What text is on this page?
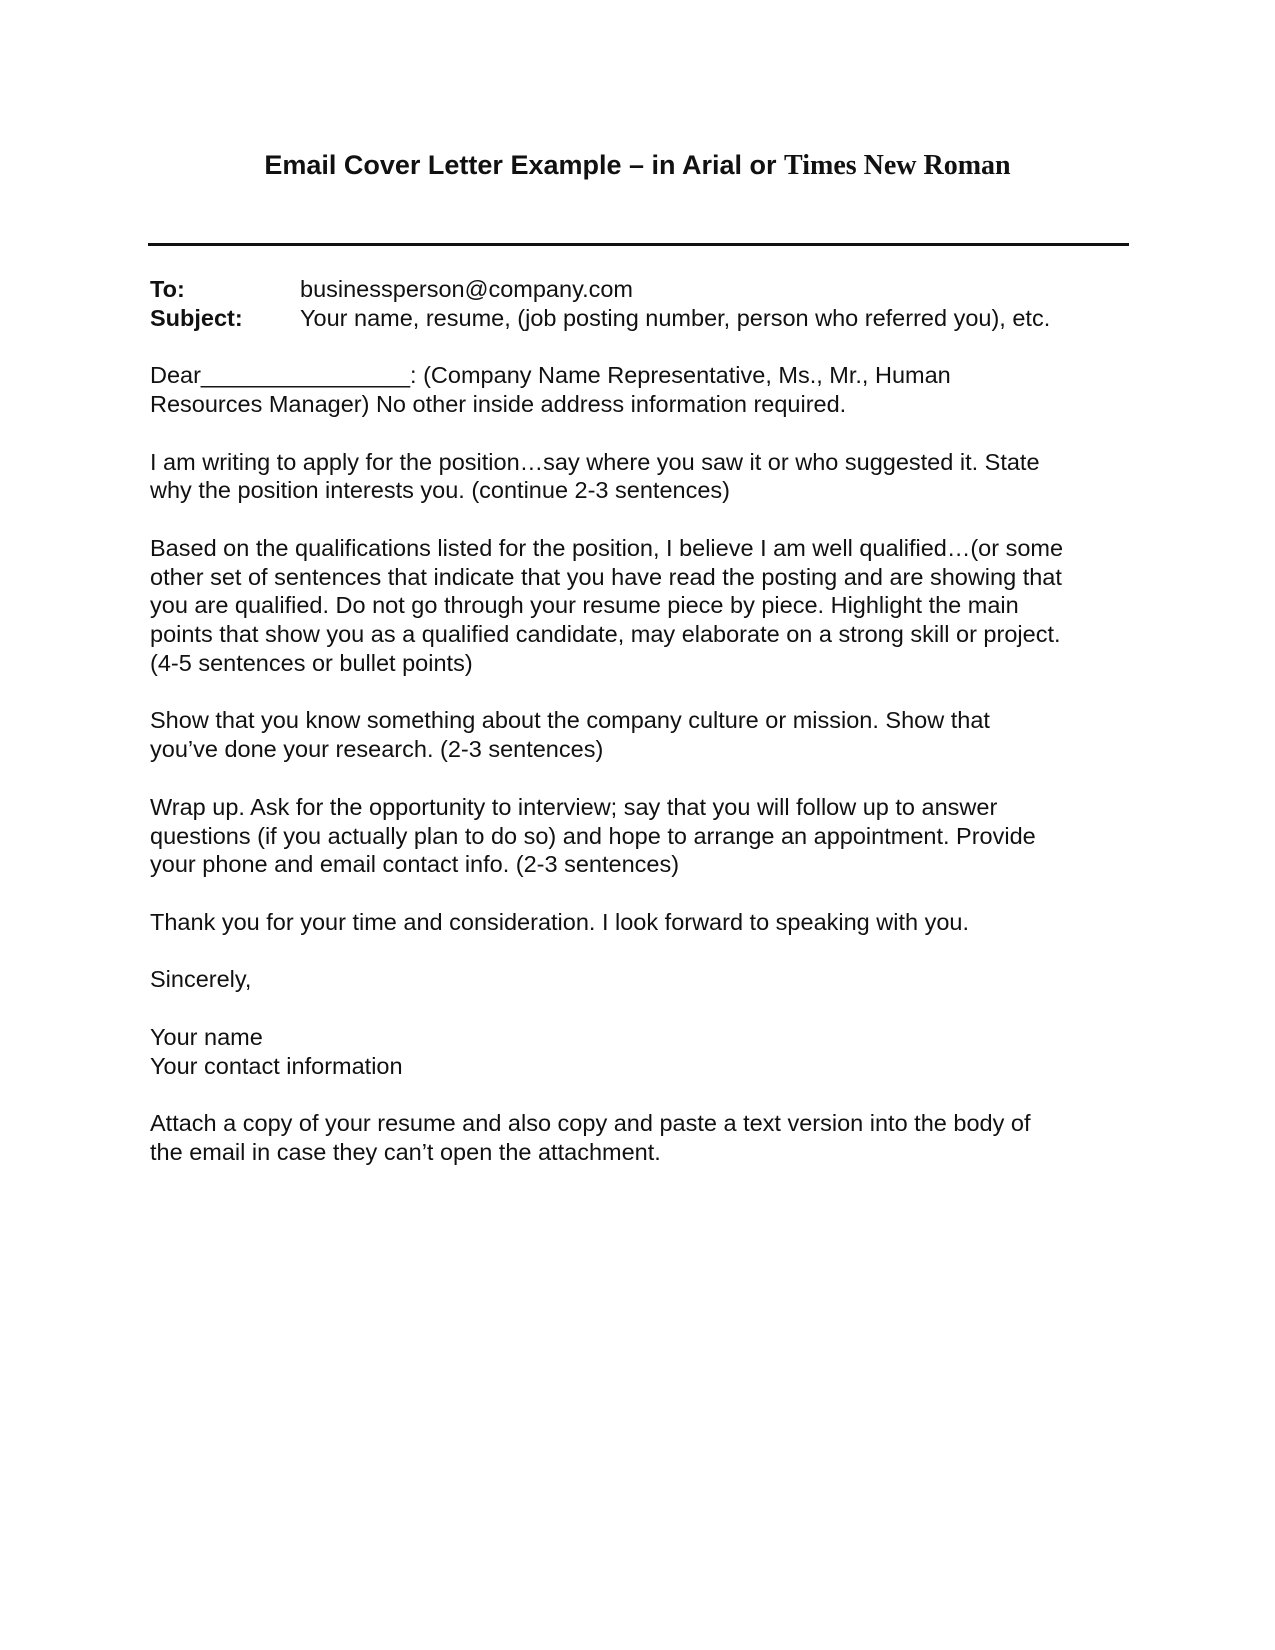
Email Cover Letter Example – in Arial or Times New Roman
To:	businessperson@company.com
Subject: Your name, resume, (job posting number, person who referred you), etc.
Dear________________: (Company Name Representative, Ms., Mr., Human
Resources Manager) No other inside address information required.
I am writing to apply for the position…say where you saw it or who suggested it. State
why the position interests you. (continue 2-3 sentences)
Based on the qualifications listed for the position, I believe I am well qualified…(or some
other set of sentences that indicate that you have read the posting and are showing that
you are qualified. Do not go through your resume piece by piece. Highlight the main
points that show you as a qualified candidate, may elaborate on a strong skill or project.
(4-5 sentences or bullet points)
Show that you know something about the company culture or mission. Show that
you’ve done your research. (2-3 sentences)
Wrap up. Ask for the opportunity to interview; say that you will follow up to answer
questions (if you actually plan to do so) and hope to arrange an appointment. Provide
your phone and email contact info. (2-3 sentences)
Thank you for your time and consideration. I look forward to speaking with you.
Sincerely,
Your name
Your contact information
Attach a copy of your resume and also copy and paste a text version into the body of
the email in case they can’t open the attachment.
